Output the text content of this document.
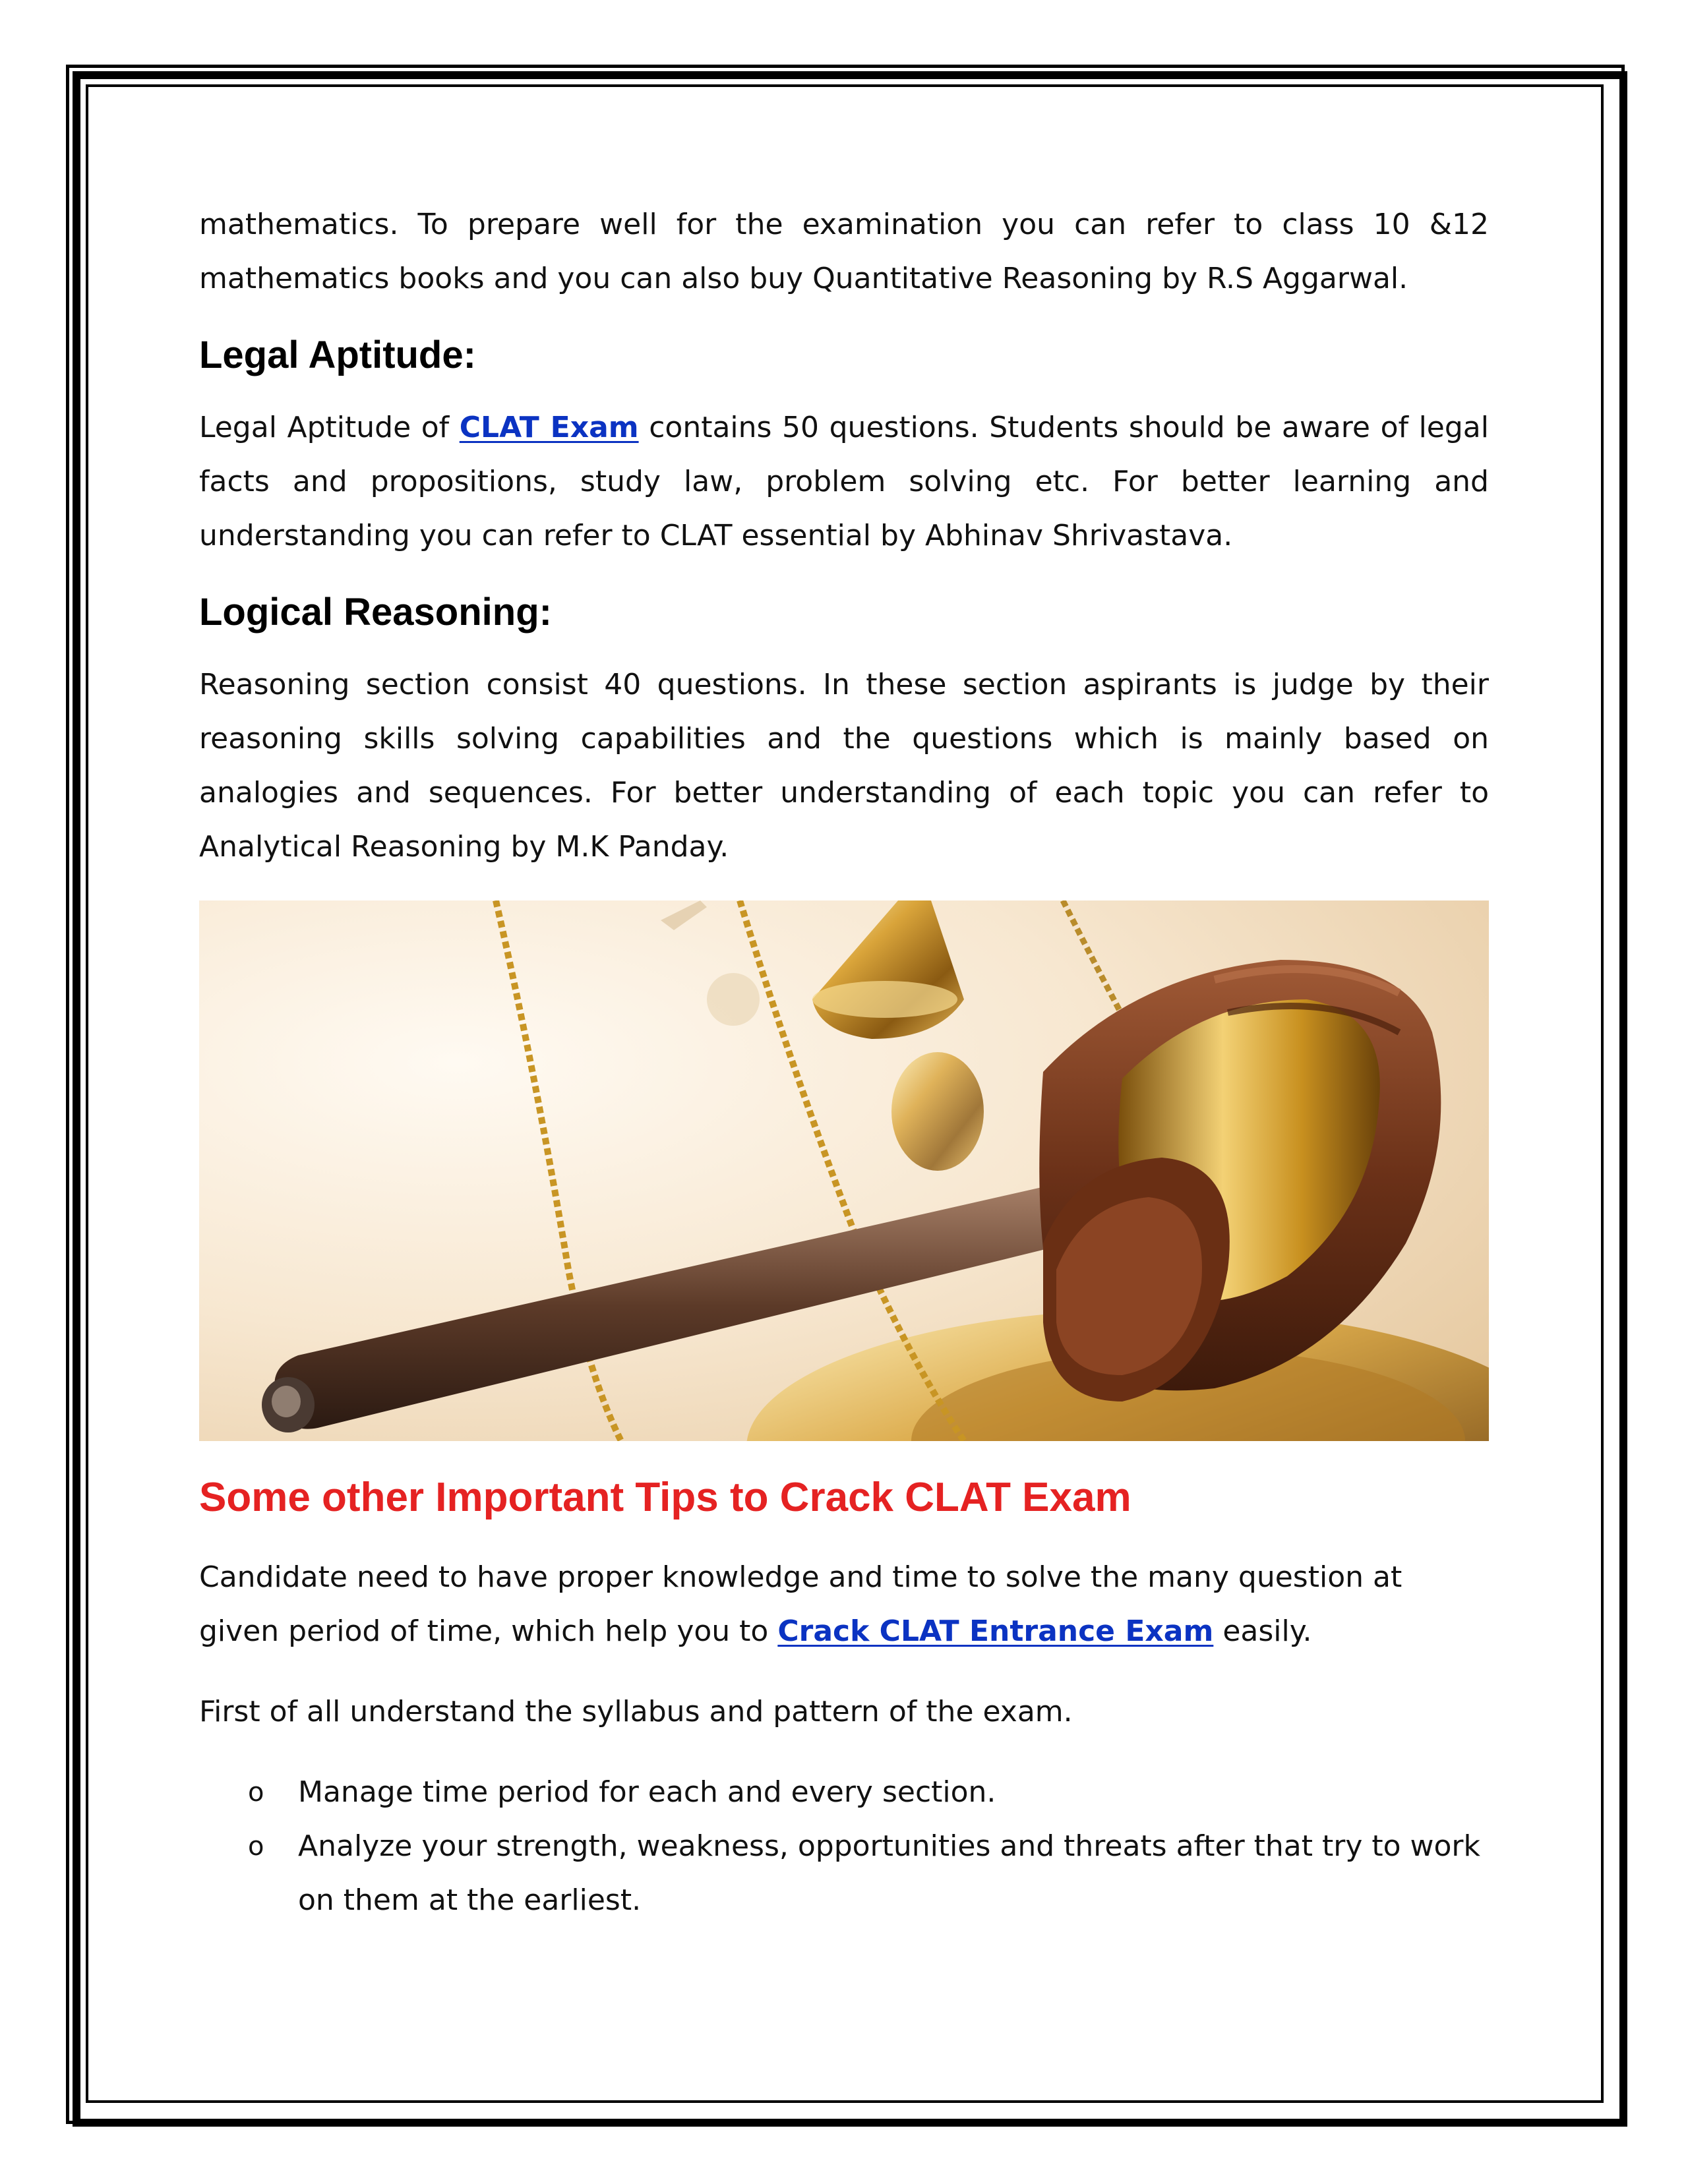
mathematics. To prepare well for the examination you can refer to class 10 &12 mathematics books and you can also buy Quantitative Reasoning by R.S Aggarwal.

Legal Aptitude:

Legal Aptitude of CLAT Exam contains 50 questions. Students should be aware of legal facts and propositions, study law, problem solving etc. For better learning and understanding you can refer to CLAT essential by Abhinav Shrivastava.

Logical Reasoning:

Reasoning section consist 40 questions. In these section aspirants is judge by their reasoning skills solving capabilities and the questions which is mainly based on analogies and sequences. For better understanding of each topic you can refer to Analytical Reasoning by M.K Panday.

Some other Important Tips to Crack CLAT Exam

Candidate need to have proper knowledge and time to solve the many question at given period of time, which help you to Crack CLAT Entrance Exam easily.

First of all understand the syllabus and pattern of the exam.

o Manage time period for each and every section.
o Analyze your strength, weakness, opportunities and threats after that try to work on them at the earliest.
